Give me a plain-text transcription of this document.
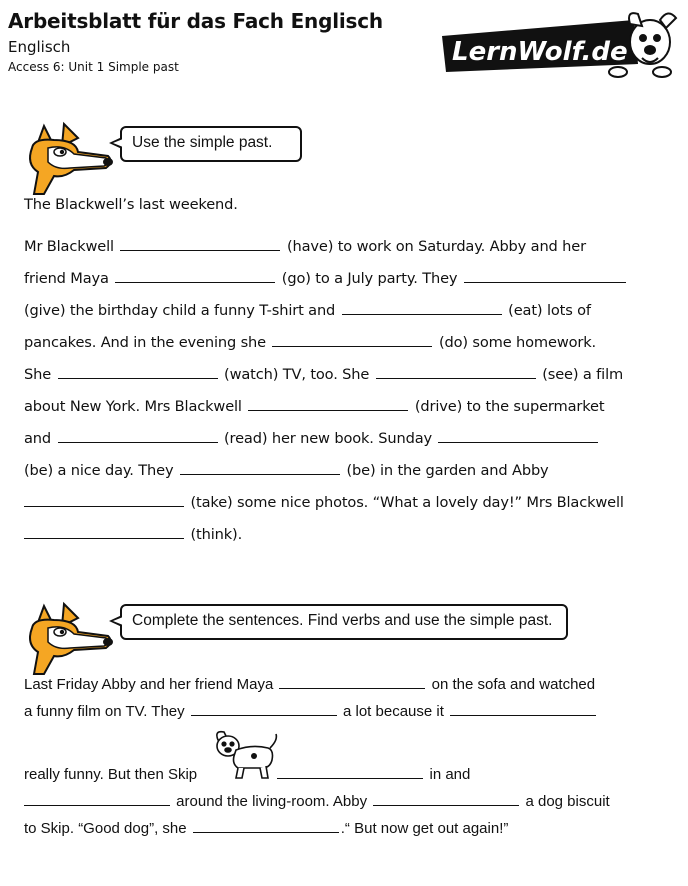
Arbeitsblatt für das Fach Englisch
Englisch
Access 6: Unit 1 Simple past	LernWolf.de
Use the simple past.
The Blackwell’s last weekend.
Mr Blackwell	(have) to work on Saturday. Abby and her
friend Maya	(go) to a July party. They
(give) the birthday child a funny T-shirt and	(eat) lots of
pancakes. And in the evening she	(do) some homework.
She	(watch) TV, too. She	(see) a film
about New York. Mrs Blackwell	(drive) to the supermarket
and	(read) her new book. Sunday
(be) a nice day. They	(be) in the garden and Abby
(take) some nice photos. “What a lovely day!” Mrs Blackwell
(think).
Complete the sentences. Find verbs and use the simple past.
Last Friday Abby and her friend Maya	on the sofa and watched
a funny film on TV. They	a lot because it
really funny. But then Skip	in and
around the living-room. Abby	a dog biscuit
to Skip. “Good dog”, she	.“ But now get out again!”
